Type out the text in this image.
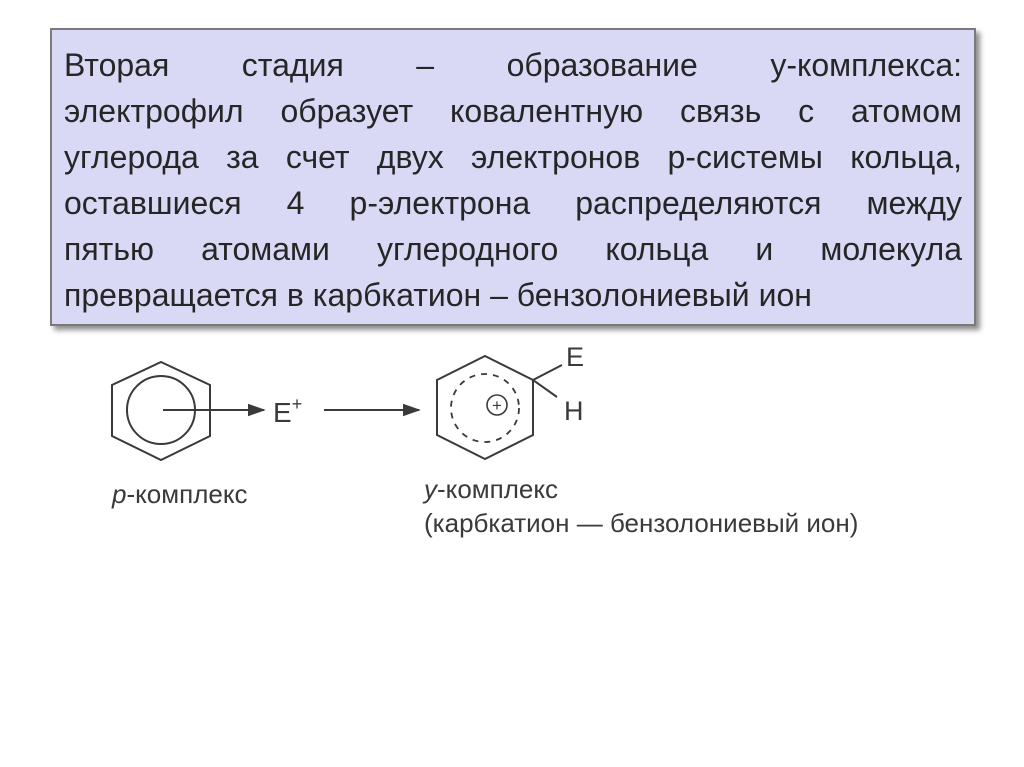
Вторая стадия – образование у-комплекса:
электрофил образует ковалентную связь с атомом
углерода за счет двух электронов p-системы кольца,
оставшиеся 4 p-электрона распределяются между
пятью атомами углеродного кольца и молекула
превращается в карбкатион – бензолониевый ион

E+	+
E
H
p-комплекс	y-комплекс
(карбкатион — бензолониевый ион)
